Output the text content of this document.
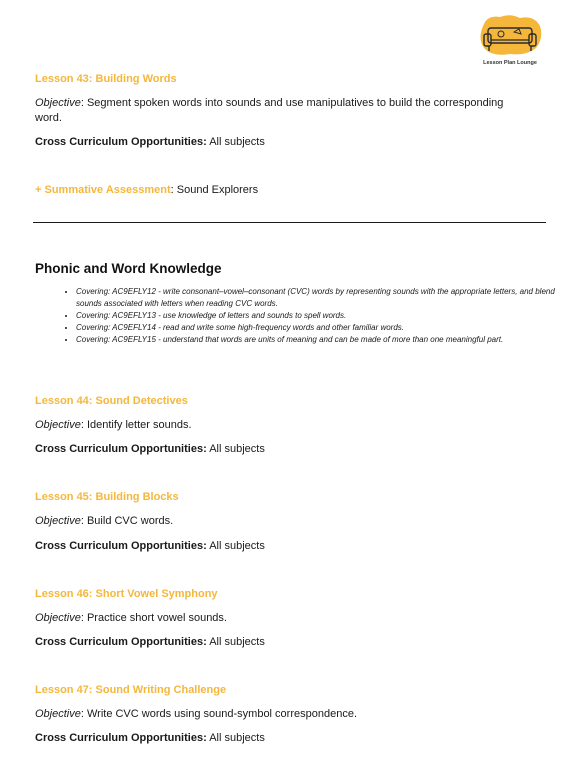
Lesson Plan Lounge
Lesson 43: Building Words
Objective: Segment spoken words into sounds and use manipulatives to build the corresponding word.
Cross Curriculum Opportunities: All subjects
+ Summative Assessment: Sound Explorers
Phonic and Word Knowledge
• Covering: AC9EFLY12 - write consonant–vowel–consonant (CVC) words by representing sounds with the appropriate letters, and blend sounds associated with letters when reading CVC words.
• Covering: AC9EFLY13 - use knowledge of letters and sounds to spell words.
• Covering: AC9EFLY14 - read and write some high-frequency words and other familiar words.
• Covering: AC9EFLY15 - understand that words are units of meaning and can be made of more than one meaningful part.
Lesson 44: Sound Detectives
Objective: Identify letter sounds.
Cross Curriculum Opportunities: All subjects
Lesson 45: Building Blocks
Objective: Build CVC words.
Cross Curriculum Opportunities: All subjects
Lesson 46: Short Vowel Symphony
Objective: Practice short vowel sounds.
Cross Curriculum Opportunities: All subjects
Lesson 47: Sound Writing Challenge
Objective: Write CVC words using sound-symbol correspondence.
Cross Curriculum Opportunities: All subjects
